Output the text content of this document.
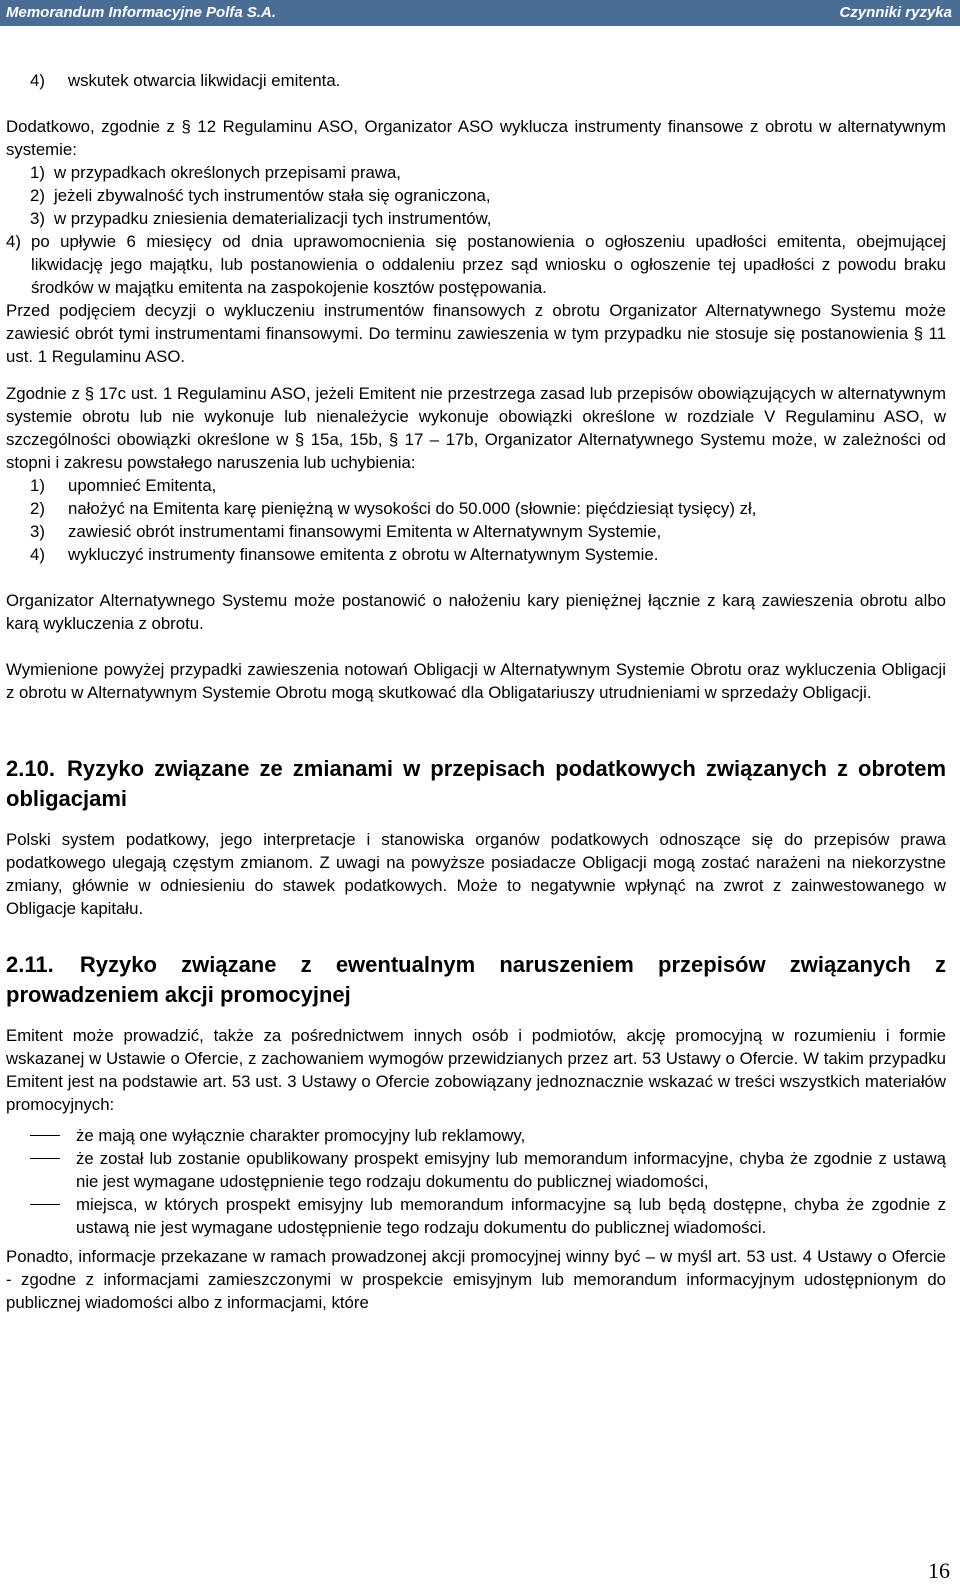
Memorandum Informacyjne Polfa S.A.	Czynniki ryzyka

4) wskutek otwarcia likwidacji emitenta.

Dodatkowo, zgodnie z § 12 Regulaminu ASO, Organizator ASO wyklucza instrumenty finansowe z obrotu w alternatywnym systemie:

1) w przypadkach określonych przepisami prawa,

2) jeżeli zbywalność tych instrumentów stała się ograniczona,

3) w przypadku zniesienia dematerializacji tych instrumentów,

4) po upływie 6 miesięcy od dnia uprawomocnienia się postanowienia o ogłoszeniu upadłości emitenta, obejmującej likwidację jego majątku, lub postanowienia o oddaleniu przez sąd wniosku o ogłoszenie tej upadłości z powodu braku środków w majątku emitenta na zaspokojenie kosztów postępowania.

Przed podjęciem decyzji o wykluczeniu instrumentów finansowych z obrotu Organizator Alternatywnego Systemu może zawiesić obrót tymi instrumentami finansowymi. Do terminu zawieszenia w tym przypadku nie stosuje się postanowienia § 11 ust. 1 Regulaminu ASO.

Zgodnie z § 17c ust. 1 Regulaminu ASO, jeżeli Emitent nie przestrzega zasad lub przepisów obowiązujących w alternatywnym systemie obrotu lub nie wykonuje lub nienależycie wykonuje obowiązki określone w rozdziale V Regulaminu ASO, w szczególności obowiązki określone w § 15a, 15b, § 17 – 17b, Organizator Alternatywnego Systemu może, w zależności od stopni i zakresu powstałego naruszenia lub uchybienia:

1) upomnieć Emitenta,

2) nałożyć na Emitenta karę pieniężną w wysokości do 50.000 (słownie: pięćdziesiąt tysięcy) zł,

3) zawiesić obrót instrumentami finansowymi Emitenta w Alternatywnym Systemie,

4) wykluczyć instrumenty finansowe emitenta z obrotu w Alternatywnym Systemie.

Organizator Alternatywnego Systemu może postanowić o nałożeniu kary pieniężnej łącznie z karą zawieszenia obrotu albo karą wykluczenia z obrotu.

Wymienione powyżej przypadki zawieszenia notowań Obligacji w Alternatywnym Systemie Obrotu oraz wykluczenia Obligacji z obrotu w Alternatywnym Systemie Obrotu mogą skutkować dla Obligatariuszy utrudnieniami w sprzedaży Obligacji.

2.10. Ryzyko związane ze zmianami w przepisach podatkowych związanych z obrotem obligacjami

Polski system podatkowy, jego interpretacje i stanowiska organów podatkowych odnoszące się do przepisów prawa podatkowego ulegają częstym zmianom. Z uwagi na powyższe posiadacze Obligacji mogą zostać narażeni na niekorzystne zmiany, głównie w odniesieniu do stawek podatkowych. Może to negatywnie wpłynąć na zwrot z zainwestowanego w Obligacje kapitału.

2.11. Ryzyko związane z ewentualnym naruszeniem przepisów związanych z prowadzeniem akcji promocyjnej

Emitent może prowadzić, także za pośrednictwem innych osób i podmiotów, akcję promocyjną w rozumieniu i formie wskazanej w Ustawie o Ofercie, z zachowaniem wymogów przewidzianych przez art. 53 Ustawy o Ofercie. W takim przypadku Emitent jest na podstawie art. 53 ust. 3 Ustawy o Ofercie zobowiązany jednoznacznie wskazać w treści wszystkich materiałów promocyjnych:

że mają one wyłącznie charakter promocyjny lub reklamowy,
że został lub zostanie opublikowany prospekt emisyjny lub memorandum informacyjne, chyba że zgodnie z ustawą nie jest wymagane udostępnienie tego rodzaju dokumentu do publicznej wiadomości,
miejsca, w których prospekt emisyjny lub memorandum informacyjne są lub będą dostępne, chyba że zgodnie z ustawą nie jest wymagane udostępnienie tego rodzaju dokumentu do publicznej wiadomości.

Ponadto, informacje przekazane w ramach prowadzonej akcji promocyjnej winny być – w myśl art. 53 ust. 4 Ustawy o Ofercie - zgodne z informacjami zamieszczonymi w prospekcie emisyjnym lub memorandum informacyjnym udostępnionym do publicznej wiadomości albo z informacjami, które

16
